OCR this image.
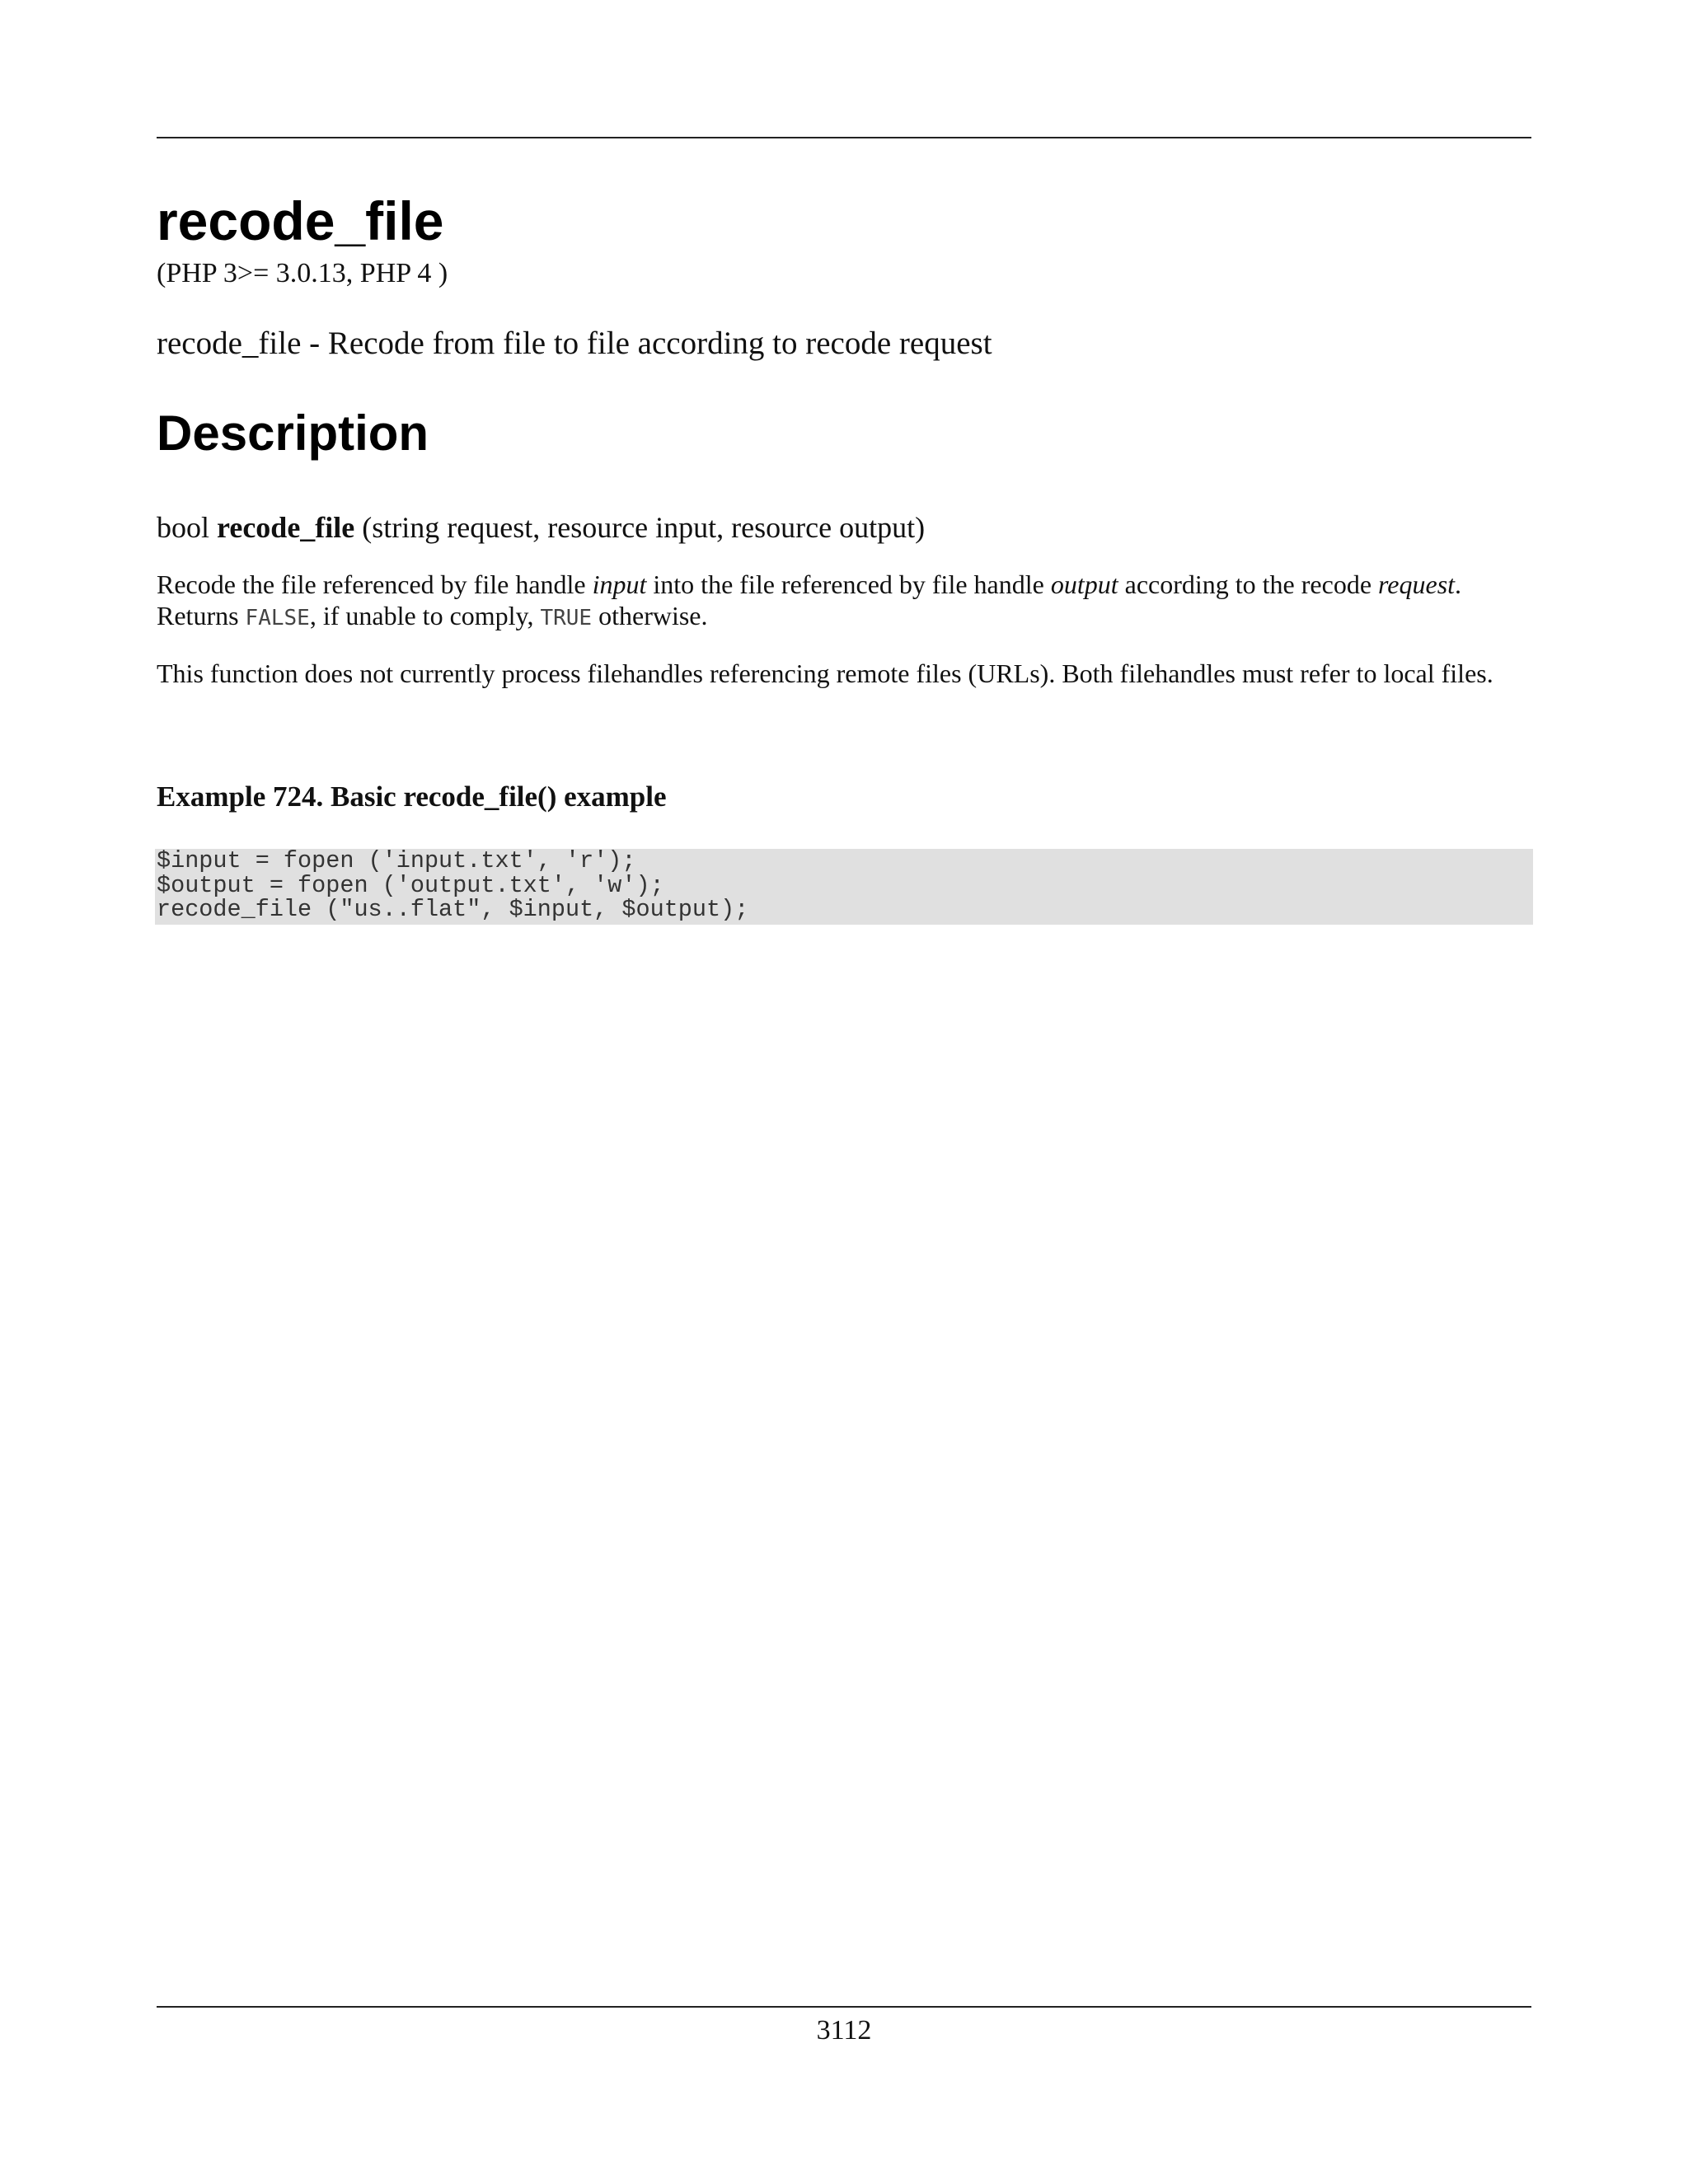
recode_file
(PHP 3>= 3.0.13, PHP 4 )
recode_file - Recode from file to file according to recode request
Description
bool recode_file (string request, resource input, resource output)
Recode the file referenced by file handle input into the file referenced by file handle output according to the recode request. Returns FALSE, if unable to comply, TRUE otherwise.
This function does not currently process filehandles referencing remote files (URLs). Both filehandles must refer to local files.
Example 724. Basic recode_file() example
$input = fopen ('input.txt', 'r');
$output = fopen ('output.txt', 'w');
recode_file ("us..flat", $input, $output);
3112
